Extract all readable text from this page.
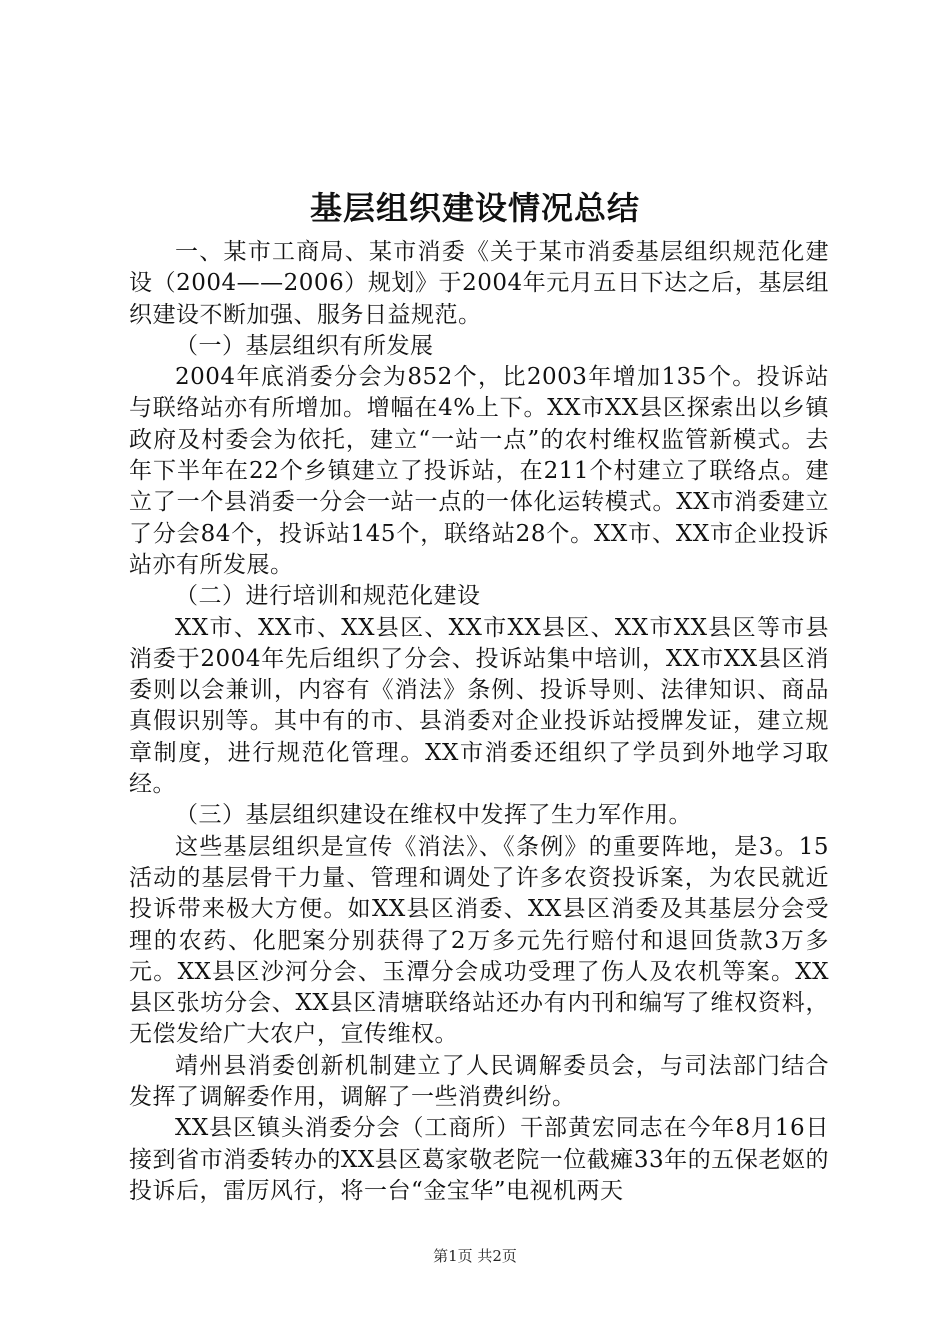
基层组织建设情况总结

一、某市工商局、某市消委《关于某市消委基层组织规范化建设（2004——2006）规划》于2004年元月五日下达之后，基层组织建设不断加强、服务日益规范。

（一）基层组织有所发展

2004年底消委分会为852个，比2003年增加135个。投诉站与联络站亦有所增加。增幅在4%上下。XX市XX县区探索出以乡镇政府及村委会为依托，建立“一站一点”的农村维权监管新模式。去年下半年在22个乡镇建立了投诉站，在211个村建立了联络点。建立了一个县消委一分会一站一点的一体化运转模式。XX市消委建立了分会84个，投诉站145个，联络站28个。XX市、XX市企业投诉站亦有所发展。

（二）进行培训和规范化建设

XX市、XX市、XX县区、XX市XX县区、XX市XX县区等市县消委于2004年先后组织了分会、投诉站集中培训，XX市XX县区消委则以会兼训，内容有《消法》条例、投诉导则、法律知识、商品真假识别等。其中有的市、县消委对企业投诉站授牌发证，建立规章制度，进行规范化管理。XX市消委还组织了学员到外地学习取经。

（三）基层组织建设在维权中发挥了生力军作用。

这些基层组织是宣传《消法》、《条例》的重要阵地，是3。15活动的基层骨干力量、管理和调处了许多农资投诉案，为农民就近投诉带来极大方便。如XX县区消委、XX县区消委及其基层分会受理的农药、化肥案分别获得了2万多元先行赔付和退回货款3万多元。XX县区沙河分会、玉潭分会成功受理了伤人及农机等案。XX县区张坊分会、XX县区清塘联络站还办有内刊和编写了维权资料，无偿发给广大农户，宣传维权。

靖州县消委创新机制建立了人民调解委员会，与司法部门结合发挥了调解委作用，调解了一些消费纠纷。

XX县区镇头消委分会（工商所）干部黄宏同志在今年8月16日接到省市消委转办的XX县区葛家敬老院一位截瘫33年的五保老妪的投诉后，雷厉风行，将一台“金宝华”电视机两天

第1页 共2页
